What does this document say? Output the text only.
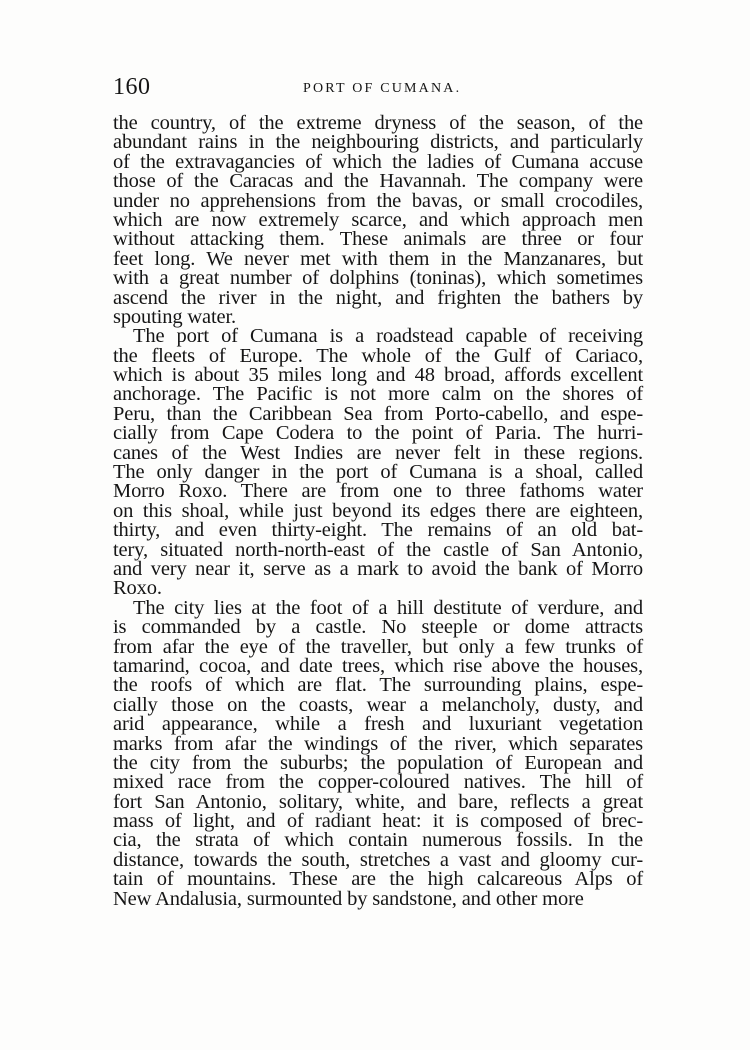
160	PORT OF CUMANA.
the country, of the extreme dryness of the season, of the
abundant rains in the neighbouring districts, and particularly
of the extravagancies of which the ladies of Cumana accuse
those of the Caracas and the Havannah. The company were
under no apprehensions from the bavas, or small crocodiles,
which are now extremely scarce, and which approach men
without attacking them. These animals are three or four
feet long. We never met with them in the Manzanares, but
with a great number of dolphins (toninas), which sometimes
ascend the river in the night, and frighten the bathers by
spouting water.
The port of Cumana is a roadstead capable of receiving
the fleets of Europe. The whole of the Gulf of Cariaco,
which is about 35 miles long and 48 broad, affords excellent
anchorage. The Pacific is not more calm on the shores of
Peru, than the Caribbean Sea from Porto-cabello, and espe-
cially from Cape Codera to the point of Paria. The hurri-
canes of the West Indies are never felt in these regions.
The only danger in the port of Cumana is a shoal, called
Morro Roxo. There are from one to three fathoms water
on this shoal, while just beyond its edges there are eighteen,
thirty, and even thirty-eight. The remains of an old bat-
tery, situated north-north-east of the castle of San Antonio,
and very near it, serve as a mark to avoid the bank of Morro
Roxo.
The city lies at the foot of a hill destitute of verdure, and
is commanded by a castle. No steeple or dome attracts
from afar the eye of the traveller, but only a few trunks of
tamarind, cocoa, and date trees, which rise above the houses,
the roofs of which are flat. The surrounding plains, espe-
cially those on the coasts, wear a melancholy, dusty, and
arid appearance, while a fresh and luxuriant vegetation
marks from afar the windings of the river, which separates
the city from the suburbs; the population of European and
mixed race from the copper-coloured natives. The hill of
fort San Antonio, solitary, white, and bare, reflects a great
mass of light, and of radiant heat: it is composed of brec-
cia, the strata of which contain numerous fossils. In the
distance, towards the south, stretches a vast and gloomy cur-
tain of mountains. These are the high calcareous Alps of
New Andalusia, surmounted by sandstone, and other more
